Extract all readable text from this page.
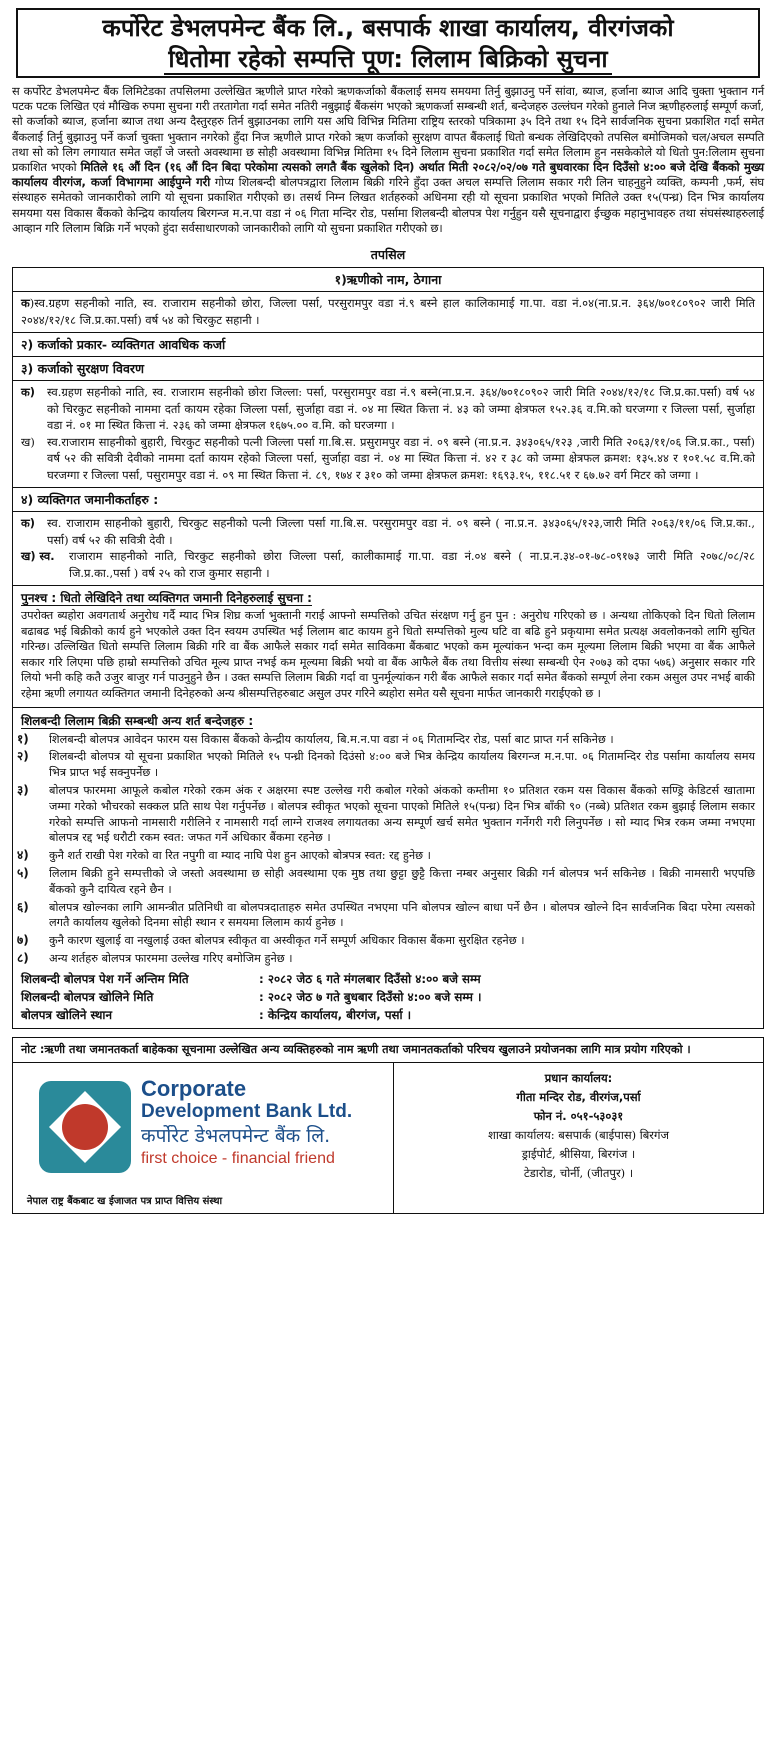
कर्पोरेट डेभलपमेन्ट बैंक लि., बसपार्क शाखा कार्यालय, वीरगंजको
धितोमा रहेको सम्पत्ति पूण: लिलाम बिक्रिको सुचना
स कर्पोरेट डेभलपमेन्ट बैंक लिमिटेडका तपसिलमा उल्लेखित ऋणीले प्राप्त गरेको ऋणकर्जाको बैंकलाई समय समयमा तिर्नु बुझाउनु पर्ने सांवा, ब्याज, हर्जाना ब्याज आदि चुक्ता भुक्तान गर्न पटक पटक लिखित एवं मौखिक रुपमा सुचना गरी तरतागेता गर्दा समेत नतिरी नबुझाई बैंकसंग भएको ऋणकर्जा सम्बन्धी शर्त, बन्देजहरु उल्लंघन गरेको हुनाले निज ऋणीहरुलाई सम्पूर्ण कर्जा, सो कर्जाको ब्याज, हर्जाना ब्याज तथा अन्य दैस्तुरहरु तिर्न बुझाउनका लागि यस अघि विभिन्न मितिमा राष्ट्रिय स्तरको पत्रिकामा ३५ दिने तथा १५ दिने सार्वजनिक सुचना प्रकाशित गर्दा समेत बैंकलाई तिर्नु बुझाउनु पर्ने कर्जा चुक्ता भुक्तान नगरेको हुँदा निज ऋणीले प्राप्त गरेको ऋण कर्जाको सुरक्षण वापत बैंकलाई धितो बन्धक लेखिदिएको तपसिल बमोजिमको चल/अचल सम्पति तथा सो को लिग लगायात समेत जहाँ जे जस्तो अवस्थामा छ सोही अवस्थामा विभिन्न मितिमा १५ दिने लिलाम सुचना प्रकाशित गर्दा समेत लिलाम हुन नसकेकोले यो धितो पुन:लिलाम सुचना प्रकाशित भएको मितिले १६ औं दिन (१६ औं दिन बिदा परेकोमा त्यसको लगतै बैंक खुलेको दिन) अर्थात मिती २०८२/०२/०७ गते बुधवारका दिन दिउँसो ४:०० बजे देखि बैंकको मुख्य कार्यालय वीरगंज, कर्जा विभागमा आईपुग्ने गरी गोप्य शिलबन्दी बोलपत्रद्वारा लिलाम बिक्री गरिने हुँदा उक्त अचल सम्पत्ति लिलाम सकार गरी लिन चाहनुहुने व्यक्ति, कम्पनी ,फर्म, संघ संस्थाहरु समेतको जानकारीको लागि यो सूचना प्रकाशित गरीएको छ। तसर्थ निम्न लिखत शर्तहरुको अधिनमा रही यो सूचना प्रकाशित भएको मितिले उक्त १५(पन्ध्र) दिन भित्र कार्यालय समयमा यस विकास बैंकको केन्द्रिय कार्यालय बिरगन्ज म.न.पा वडा नं ०६ गिता मन्दिर रोड, पर्सामा शिलबन्दी बोलपत्र पेश गर्नुहुन यसै सूचनाद्वारा ईच्छुक महानुभावहरु तथा संघसंस्थाहरुलाई आव्हान गरि लिलाम बिक्रि गर्ने भएको हुंदा सर्वसाधारणको जानकारीको लागि यो सुचना प्रकाशित गरीएको छ।
तपसिल
१)ऋणीको नाम, ठेगाना
क)स्व.ग्रहण सहनीको नाति, स्व. राजाराम सहनीको छोरा, जिल्ला पर्सा, परसुरामपुर वडा नं.९ बस्ने हाल कालिकामाई गा.पा. वडा नं.०४(ना.प्र.न. ३६४/७०१८०९०२ जारी मिति २०४४/१२/१८ जि.प्र.का.पर्सा) वर्ष ५४ को चिरकुट सहानी ।
२) कर्जाको प्रकार- व्यक्तिगत आवधिक कर्जा
३) कर्जाको सुरक्षण विवरण
क)	स्व.ग्रहण सहनीको नाति, स्व. राजाराम सहनीको छोरा जिल्ला: पर्सा, परसुरामपुर वडा नं.९ बस्ने(ना.प्र.न. ३६४/७०१८०९०२ जारी मिति २०४४/१२/१८ जि.प्र.का.पर्सा) वर्ष ५४ को चिरकुट सहनीको नाममा दर्ता कायम रहेका जिल्ला पर्सा, सुर्जाहा वडा नं. ०४ मा स्थित कित्ता नं. ४३ को जम्मा क्षेत्रफल १५२.३६ व.मि.को घरजग्गा र जिल्ला पर्सा, सुर्जाहा वडा नं. ०१ मा स्थित कित्ता नं. २३६ को जम्मा क्षेत्रफल १६७५.०० व.मि. को घरजग्गा ।
ख)	स्व.राजाराम साहनीको बुहारी, चिरकुट सहनीको पत्नी जिल्ला पर्सा गा.बि.स. प्रसुरामपुर वडा नं. ०९ बस्ने (ना.प्र.न. ३४३०६५/१२३ ,जारी मिति २०६३/११/०६ जि.प्र.का., पर्सा) वर्ष ५२ की सवित्री देवीको नाममा दर्ता कायम रहेको जिल्ला पर्सा, सुर्जाहा वडा नं. ०४ मा स्थित कित्ता नं. ४२ र ३८ को जम्मा क्षेत्रफल क्रमश: १३५.४४ र १०१.५८ व.मि.को घरजग्गा र जिल्ला पर्सा, पसुरामपुर वडा नं. ०९ मा स्थित कित्ता नं. ८९, १७४ र ३१० को जम्मा क्षेत्रफल क्रमश: १६९३.१५, ११८.५१ र ६७.७२ वर्ग मिटर को जग्गा ।
४) व्यक्तिगत जमानीकर्ताहरु :
क)	स्व. राजाराम साहनीको बुहारी, चिरकुट सहनीको पत्नी जिल्ला पर्सा गा.बि.स. परसुरामपुर वडा नं. ०९ बस्ने ( ना.प्र.न. ३४३०६५/१२३,जारी मिति २०६३/११/०६ जि.प्र.का., पर्सा) वर्ष ५२ की सवित्री देवी ।
ख) स्व.	राजाराम साहनीको नाति, चिरकुट सहनीको छोरा जिल्ला पर्सा, कालीकामाई गा.पा. वडा नं.०४ बस्ने ( ना.प्र.न.३४-०१-७८-०९१७३ जारी मिति २०७८/०८/२८ जि.प्र.का.,पर्सा ) वर्ष २५ को राज कुमार सहानी ।
पुनश्च : धितो लेखिदिने तथा व्यक्तिगत जमानी दिनेहरुलाई सुचना :
उपरोक्त ब्यहोरा अवगतार्थ अनुरोध गर्दै म्याद भित्र शिघ्र कर्जा भुक्तानी गराई आफ्नो सम्पत्तिको उचित संरक्षण गर्नु हुन पुन : अनुरोध गरिएको छ । अन्यथा तोकिएको दिन धितो लिलाम बढाबढ भई बिक्रीको कार्य हुने भएकोले उक्त दिन स्वयम उपस्थित भई लिलाम बाट कायम हुने धितो सम्पत्तिको मुल्य घटि वा बढि हुने प्रकृयामा समेत प्रत्यक्ष अवलोकनको लागि सुचित गरिन्छ। उल्लिखित धितो सम्पत्ति लिलाम बिक्री गरि वा बैंक आफैले सकार गर्दा समेत साविकमा बैंकबाट भएको कम मूल्यांकन भन्दा कम मूल्यमा लिलाम बिक्री भएमा वा बैंक आफैले सकार गरि लिएमा पछि हाम्रो सम्पत्तिको उचित मूल्य प्राप्त नभई कम मूल्यमा बिक्री भयो वा बैंक आफैले बैंक तथा वित्तीय संस्था सम्बन्धी ऐन २०७३ को दफा ५७६) अनुसार सकार गरि लियो भनी कहि कतै उजुर बाजुर गर्न पाउनुहुने छैन । उक्त सम्पत्ति लिलाम बिक्री गर्दा वा पुनर्मूल्यांकन गरी बैंक आफैले सकार गर्दा समेत बैंकको सम्पूर्ण लेना रकम असुल उपर नभई बाकी रहेमा ऋणी लगायत व्यक्तिगत जमानी दिनेहरुको अन्य श्रीसम्पत्तिहरुबाट असुल उपर गरिने ब्यहोरा समेत यसै सूचना मार्फत जानकारी गराईएको छ ।
शिलबन्दी लिलाम बिक्री सम्बन्धी अन्य शर्त बन्देजहरु :
१)	शिलबन्दी बोलपत्र आवेदन फारम यस विकास बैंकको केन्द्रीय कार्यालय, बि.म.न.पा वडा नं ०६ गितामन्दिर रोड, पर्सा बाट प्राप्त गर्न सकिनेछ ।
२)	शिलबन्दी बोलपत्र यो सूचना प्रकाशित भएको मितिले १५ पन्ध्री दिनको दिउंसो ४:०० बजे भित्र केन्द्रिय कार्यालय बिरगन्ज म.न.पा. ०६ गितामन्दिर रोड पर्सामा कार्यालय समय भित्र प्राप्त भई सक्नुपर्नेछ ।
३)	बोलपत्र फारममा आफूले कबोल गरेको रकम अंक र अक्षरमा स्पष्ट उल्लेख गरी कबोल गरेको अंकको कम्तीमा १० प्रतिशत रकम यस विकास बैंकको सण्ड्रि केडिटर्स खातामा जम्मा गरेको भौचरको सक्कल प्रति साथ पेश गर्नुपर्नेछ । बोलपत्र स्वीकृत भएको सूचना पाएको मितिले १५(पन्ध्र) दिन भित्र बाँकी ९० (नब्बे) प्रतिशत रकम बुझाई लिलाम सकार गरेको सम्पत्ति आफनो नामसारी गरीलिने र नामसारी गर्दा लाग्ने राजश्व लगायतका अन्य सम्पूर्ण खर्च समेत भुक्तान गर्नेगरी गरी लिनुपर्नेछ । सो म्याद भित्र रकम जम्मा नभएमा बोलपत्र रद्द भई धरौटी रकम स्वत: जफत गर्ने अधिकार बैंकमा रहनेछ ।
४)	कुनै शर्त राखी पेश गरेको वा रित नपुगी वा म्याद नाघि पेश हुन आएको बोत्रपत्र स्वत: रद्द हुनेछ ।
५)	लिलाम बिक्री हुने सम्पत्तीको जे जस्तो अवस्थामा छ सोही अवस्थामा एक मुष्ठ तथा छुट्टा छुट्टै कित्ता नम्बर अनुसार बिक्री गर्न बोलपत्र भर्न सकिनेछ । बिक्री नामसारी भएपछि बैंकको कुनै दायित्व रहने छैन ।
६)	बोलपत्र खोल्नका लागि आमन्त्रीत प्रतिनिधी वा बोलपत्रदाताहरु समेत उपस्थित नभएमा पनि बोलपत्र खोल्न बाधा पर्ने छैन । बोलपत्र खोल्ने दिन सार्वजनिक बिदा परेमा त्यसको लगतै कार्यालय खुलेको दिनमा सोही स्थान र समयमा लिलाम कार्य हुनेछ ।
७)	कुनै कारण खुलाई वा नखुलाई उक्त बोलपत्र स्वीकृत वा अस्वीकृत गर्ने सम्पूर्ण अधिकार विकास बैंकमा सुरक्षित रहनेछ ।
८)	अन्य शर्तहरु बोलपत्र फारममा उल्लेख गरिए बमोजिम हुनेछ ।
शिलबन्दी बोलपत्र पेश गर्ने अन्तिम मिति	: २०८२ जेठ ६ गते मंगलबार दिउँसो ४:०० बजे सम्म
शिलबन्दी बोलपत्र खोलिने मिति	: २०८२ जेठ ७ गते बुधबार दिउँसो ४:०० बजे सम्म ।
बोलपत्र खोलिने स्थान	: केन्द्रिय कार्यालय, बीरगंज, पर्सा ।
नोट :ऋणी तथा जमानतकर्ता बाहेकका सूचनामा उल्लेखित अन्य व्यक्तिहरुको नाम ऋणी तथा जमानतकर्ताको परिचय खुलाउने प्रयोजनका लागि मात्र प्रयोग गरिएको ।
Corporate
Development Bank Ltd.
कर्पोरेट डेभलपमेन्ट बैंक लि.
first choice - financial friend
नेपाल राष्ट्र बैंकबाट ख ईजाजत पत्र प्राप्त वित्तिय संस्था
प्रधान कार्यालय:
गीता मन्दिर रोड, वीरगंज,पर्सा
फोन नं. ०५१-५३०३१
शाखा कार्यालय: बसपार्क (बाईपास) बिरगंज
ड्राईपोर्ट, श्रीसिया, बिरगंज ।
टेडारोड, चोर्नी, (जीतपुर) ।
